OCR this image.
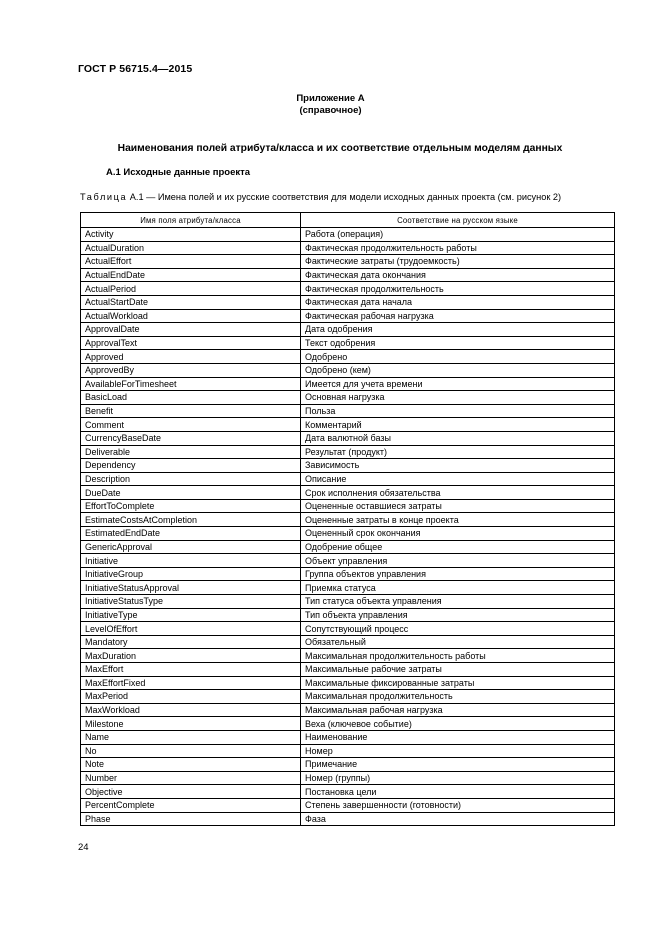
ГОСТ Р 56715.4—2015
Приложение А
(справочное)
Наименования полей атрибута/класса и их соответствие отдельным моделям данных
А.1 Исходные данные проекта
Таблица А.1 — Имена полей и их русские соответствия для модели исходных данных проекта (см. рисунок 2)
Имя поля атрибута/класса	Соответствие на русском языке
Activity	Работа (операция)
ActualDuration	Фактическая продолжительность работы
ActualEffort	Фактические затраты (трудоемкость)
ActualEndDate	Фактическая дата окончания
ActualPeriod	Фактическая продолжительность
ActualStartDate	Фактическая дата начала
ActualWorkload	Фактическая рабочая нагрузка
ApprovalDate	Дата одобрения
ApprovalText	Текст одобрения
Approved	Одобрено
ApprovedBy	Одобрено (кем)
AvailableForTimesheet	Имеется для учета времени
BasicLoad	Основная нагрузка
Benefit	Польза
Comment	Комментарий
CurrencyBaseDate	Дата валютной базы
Deliverable	Результат (продукт)
Dependency	Зависимость
Description	Описание
DueDate	Срок исполнения обязательства
EffortToComplete	Оцененные оставшиеся затраты
EstimateCostsAtCompletion	Оцененные затраты в конце проекта
EstimatedEndDate	Оцененный срок окончания
GenericApproval	Одобрение общее
Initiative	Объект управления
InitiativeGroup	Группа объектов управления
InitiativeStatusApproval	Приемка статуса
InitiativeStatusType	Тип статуса объекта управления
InitiativeType	Тип объекта управления
LevelOfEffort	Сопутствующий процесс
Mandatory	Обязательный
MaxDuration	Максимальная продолжительность работы
MaxEffort	Максимальные рабочие затраты
MaxEffortFixed	Максимальные фиксированные затраты
MaxPeriod	Максимальная продолжительность
MaxWorkload	Максимальная рабочая нагрузка
Milestone	Веха (ключевое событие)
Name	Наименование
No	Номер
Note	Примечание
Number	Номер (группы)
Objective	Постановка цели
PercentComplete	Степень завершенности (готовности)
Phase	Фаза
24
